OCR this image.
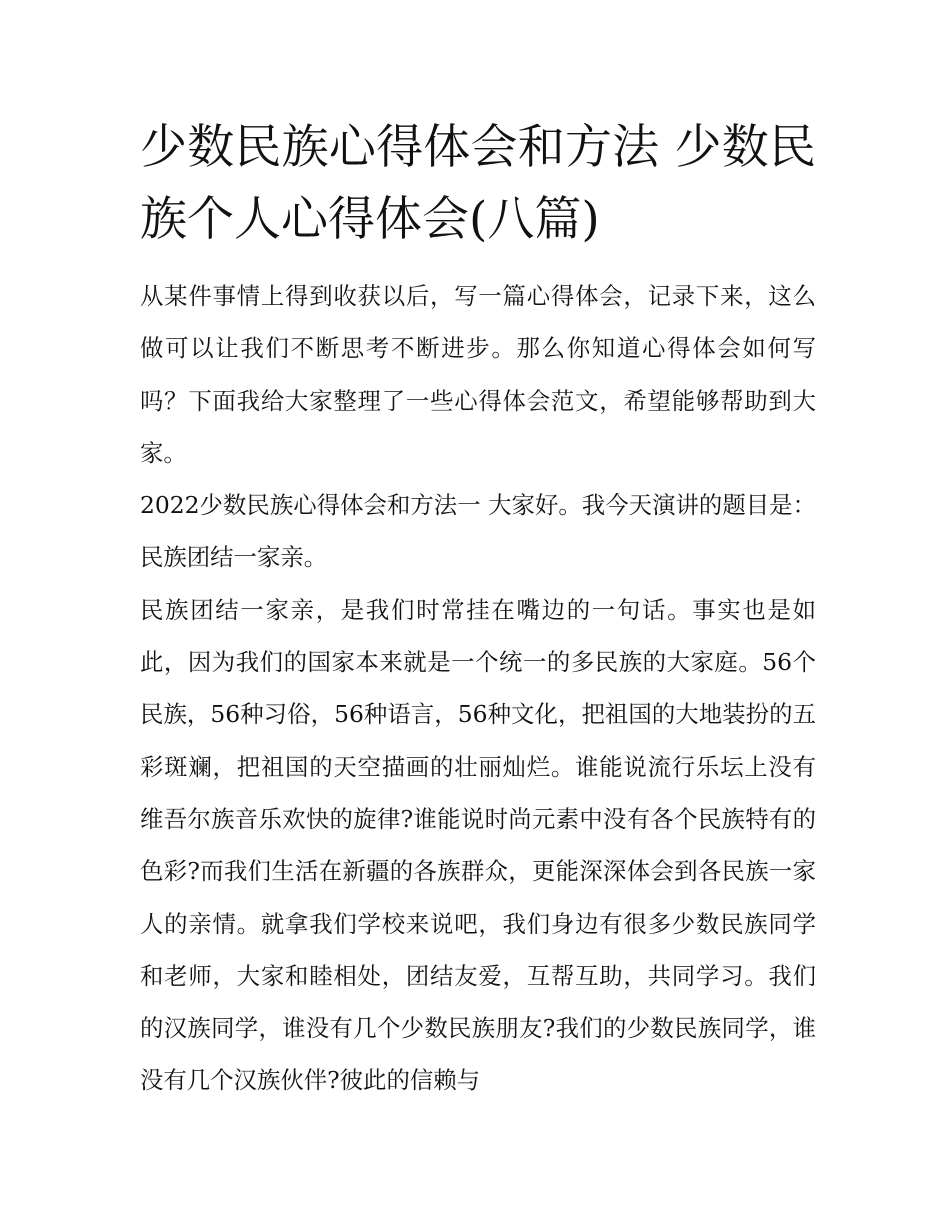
少数民族心得体会和方法 少数民族个人心得体会(八篇)

从某件事情上得到收获以后，写一篇心得体会，记录下来，这么做可以让我们不断思考不断进步。那么你知道心得体会如何写吗？下面我给大家整理了一些心得体会范文，希望能够帮助到大家。

2022少数民族心得体会和方法一 大家好。我今天演讲的题目是：民族团结一家亲。

民族团结一家亲，是我们时常挂在嘴边的一句话。事实也是如此，因为我们的国家本来就是一个统一的多民族的大家庭。56个民族，56种习俗，56种语言，56种文化，把祖国的大地装扮的五彩斑斓，把祖国的天空描画的壮丽灿烂。谁能说流行乐坛上没有维吾尔族音乐欢快的旋律?谁能说时尚元素中没有各个民族特有的色彩?而我们生活在新疆的各族群众，更能深深体会到各民族一家人的亲情。就拿我们学校来说吧，我们身边有很多少数民族同学和老师，大家和睦相处，团结友爱，互帮互助，共同学习。我们的汉族同学，谁没有几个少数民族朋友?我们的少数民族同学，谁没有几个汉族伙伴?彼此的信赖与
